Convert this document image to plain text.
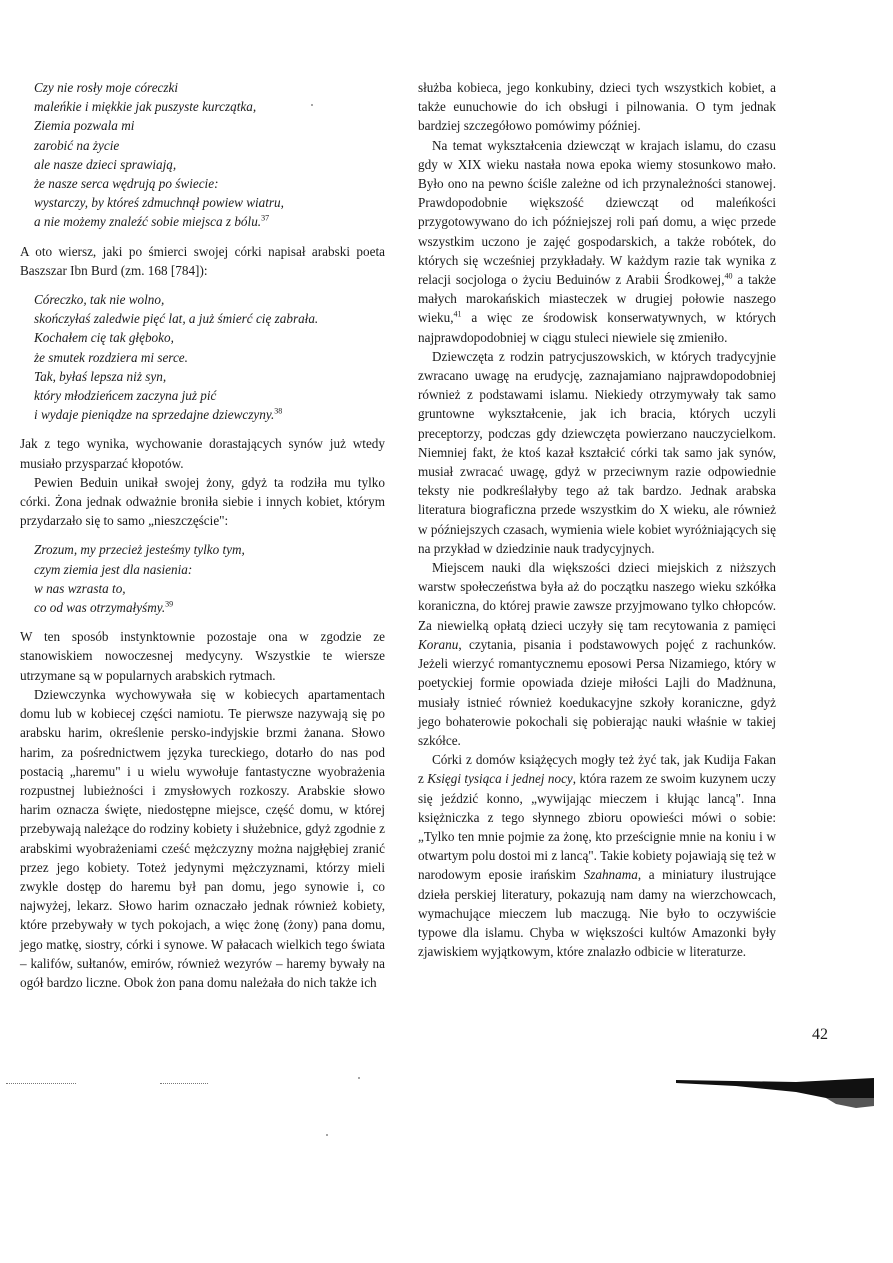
Czy nie rosły moje córeczki
maleńkie i miękkie jak puszyste kurczątka,
Ziemia pozwala mi
zarobić na życie
ale nasze dzieci sprawiają,
że nasze serca wędrują po świecie:
wystarczy, by któreś zdmuchnął powiew wiatru,
a nie możemy znaleźć sobie miejsca z bólu.$^{37}$

A oto wiersz, jaki po śmierci swojej córki napisał arabski poeta Baszszar Ibn Burd (zm. 168 [784]):

Córeczko, tak nie wolno,
skończyłaś zaledwie pięć lat, a już śmierć cię zabrała.
Kochałem cię tak głęboko,
że smutek rozdziera mi serce.
Tak, byłaś lepsza niż syn,
który młodzieńcem zaczyna już pić
i wydaje pieniądze na sprzedajne dziewczyny.$^{38}$

Jak z tego wynika, wychowanie dorastających synów już wtedy musiało przysparzać kłopotów.

Pewien Beduin unikał swojej żony, gdyż ta rodziła mu tylko córki. Żona jednak odważnie broniła siebie i innych kobiet, którym przydarzało się to samo „nieszczęście":

Zrozum, my przecież jesteśmy tylko tym,
czym ziemia jest dla nasienia:
w nas wzrasta to,
co od was otrzymałyśmy.$^{39}$

W ten sposób instynktownie pozostaje ona w zgodzie ze stanowiskiem nowoczesnej medycyny. Wszystkie te wiersze utrzymane są w popularnych arabskich rytmach.

Dziewczynka wychowywała się w kobiecych apartamentach domu lub w kobiecej części namiotu. Te pierwsze nazywają się po arabsku harim, określenie persko-indyjskie brzmi żanana. Słowo harim, za pośrednictwem języka tureckiego, dotarło do nas pod postacią „haremu" i u wielu wywołuje fantastyczne wyobrażenia rozpustnej lubieżności i zmysłowych rozkoszy. Arabskie słowo harim oznacza święte, niedostępne miejsce, część domu, w której przebywają należące do rodziny kobiety i służebnice, gdyż zgodnie z arabskimi wyobrażeniami cześć mężczyzny można najgłębiej zranić przez jego kobiety. Toteż jedynymi mężczyznami, którzy mieli zwykle dostęp do haremu był pan domu, jego synowie i, co najwyżej, lekarz. Słowo harim oznaczało jednak również kobiety, które przebywały w tych pokojach, a więc żonę (żony) pana domu, jego matkę, siostry, córki i synowe. W pałacach wielkich tego świata – kalifów, sułtanów, emirów, również wezyrów – haremy bywały na ogół bardzo liczne. Obok żon pana domu należała do nich także ich

służba kobieca, jego konkubiny, dzieci tych wszystkich kobiet, a także eunuchowie do ich obsługi i pilnowania. O tym jednak bardziej szczegółowo pomówimy później.

Na temat wykształcenia dziewcząt w krajach islamu, do czasu gdy w XIX wieku nastała nowa epoka wiemy stosunkowo mało. Było ono na pewno ściśle zależne od ich przynależności stanowej. Prawdopodobnie większość dziewcząt od maleńkości przygotowywano do ich późniejszej roli pań domu, a więc przede wszystkim uczono je zajęć gospodarskich, a także robótek, do których się wcześniej przykładały. W każdym razie tak wynika z relacji socjologa o życiu Beduinów z Arabii Środkowej,$^{40}$ a także małych marokańskich miasteczek w drugiej połowie naszego wieku,$^{41}$ a więc ze środowisk konserwatywnych, w których najprawdopodobniej w ciągu stuleci niewiele się zmieniło.

Dziewczęta z rodzin patrycjuszowskich, w których tradycyjnie zwracano uwagę na erudycję, zaznajamiano najprawdopodobniej również z podstawami islamu. Niekiedy otrzymywały tak samo gruntowne wykształcenie, jak ich bracia, których uczyli preceptorzy, podczas gdy dziewczęta powierzano nauczycielkom. Niemniej fakt, że ktoś kazał kształcić córki tak samo jak synów, musiał zwracać uwagę, gdyż w przeciwnym razie odpowiednie teksty nie podkreślałyby tego aż tak bardzo. Jednak arabska literatura biograficzna przede wszystkim do X wieku, ale również w późniejszych czasach, wymienia wiele kobiet wyróżniających się na przykład w dziedzinie nauk tradycyjnych.

Miejscem nauki dla większości dzieci miejskich z niższych warstw społeczeństwa była aż do początku naszego wieku szkółka koraniczna, do której prawie zawsze przyjmowano tylko chłopców. Za niewielką opłatą dzieci uczyły się tam recytowania z pamięci Koranu, czytania, pisania i podstawowych pojęć z rachunków. Jeżeli wierzyć romantycznemu eposowi Persa Nizamiego, który w poetyckiej formie opowiada dzieje miłości Lajli do Madżnuna, musiały istnieć również koedukacyjne szkoły koraniczne, gdyż jego bohaterowie pokochali się pobierając nauki właśnie w takiej szkółce.

Córki z domów książęcych mogły też żyć tak, jak Kudija Fakan z Księgi tysiąca i jednej nocy, która razem ze swoim kuzynem uczy się jeździć konno, „wywijając mieczem i kłując lancą". Inna księżniczka z tego słynnego zbioru opowieści mówi o sobie: „Tylko ten mnie pojmie za żonę, kto prześcignie mnie na koniu i w otwartym polu dostoi mi z lancą". Takie kobiety pojawiają się też w narodowym eposie irańskim Szahnama, a miniatury ilustrujące dzieła perskiej literatury, pokazują nam damy na wierzchowcach, wymachujące mieczem lub maczugą. Nie było to oczywiście typowe dla islamu. Chyba w większości kultów Amazonki były zjawiskiem wyjątkowym, które znalazło odbicie w literaturze.

42
